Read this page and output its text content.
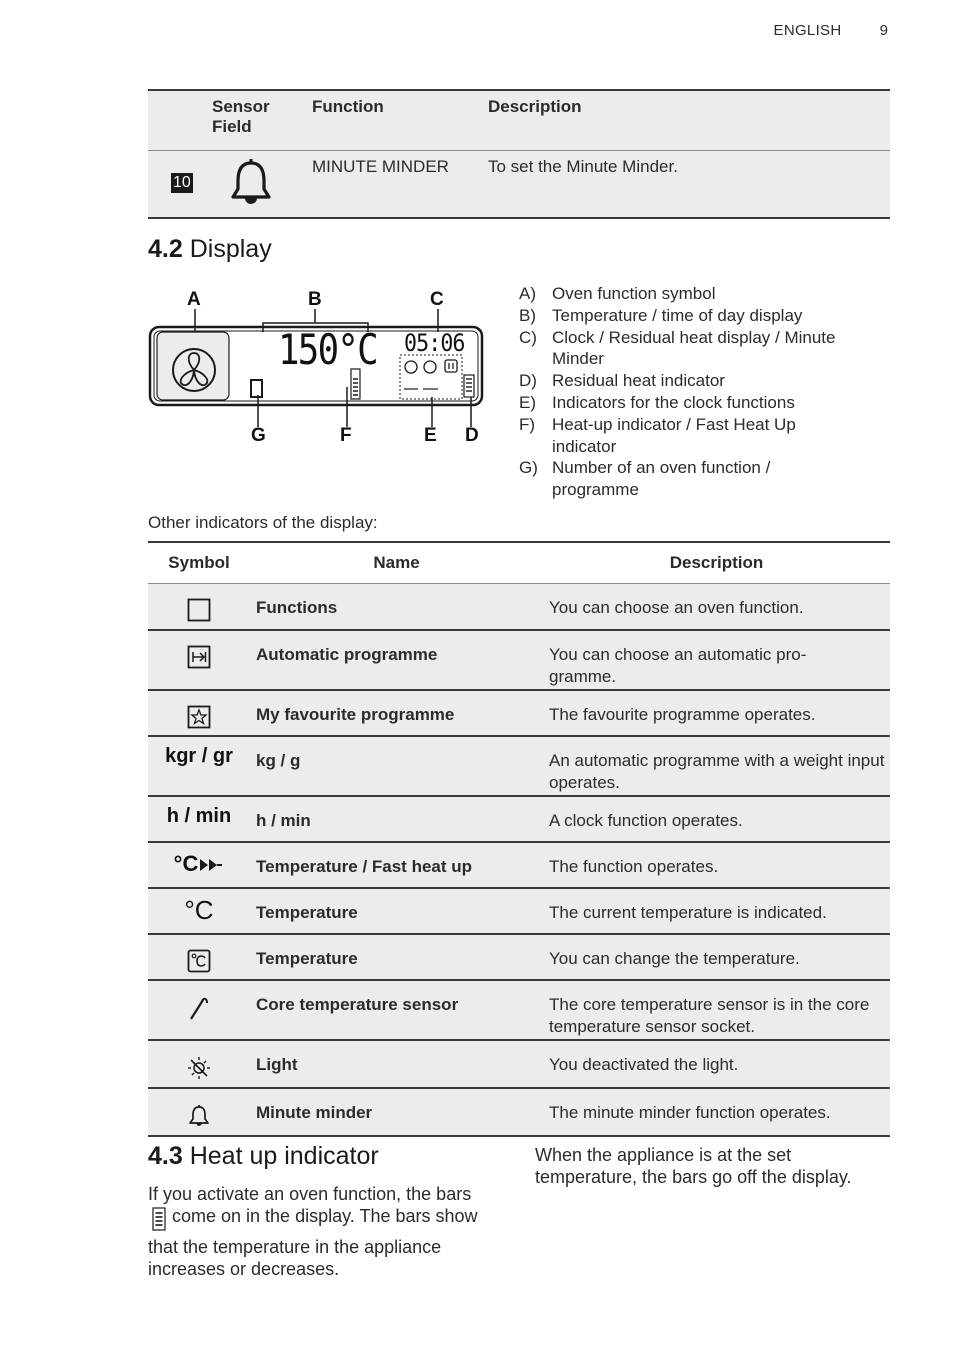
ENGLISH	9
	Sensor Field	Function	Description
10		MINUTE MINDER	To set the Minute Minder.
4.2 Display
A	B	C
G	F	E D
150°C 05:06
A) Oven function symbol
B) Temperature / time of day display
C) Clock / Residual heat display / Minute Minder
D) Residual heat indicator
E) Indicators for the clock functions
F) Heat-up indicator / Fast Heat Up indicator
G) Number of an oven function / programme
Other indicators of the display:
Symbol	Name	Description
	Functions	You can choose an oven function.
	Automatic programme	You can choose an automatic pro-gramme.
	My favourite programme	The favourite programme operates.
kgr / gr	kg / g	An automatic programme with a weight input operates.
h / min	h / min	A clock function operates.
°C	Temperature / Fast heat up	The function operates.
°C	Temperature	The current temperature is indicated.
	Temperature	You can change the temperature.
	Core temperature sensor	The core temperature sensor is in the core temperature sensor socket.
	Light	You deactivated the light.
	Minute minder	The minute minder function operates.
4.3 Heat up indicator

If you activate an oven function, the bars come on in the display. The bars show that the temperature in the appliance increases or decreases.

When the appliance is at the set temperature, the bars go off the display.
